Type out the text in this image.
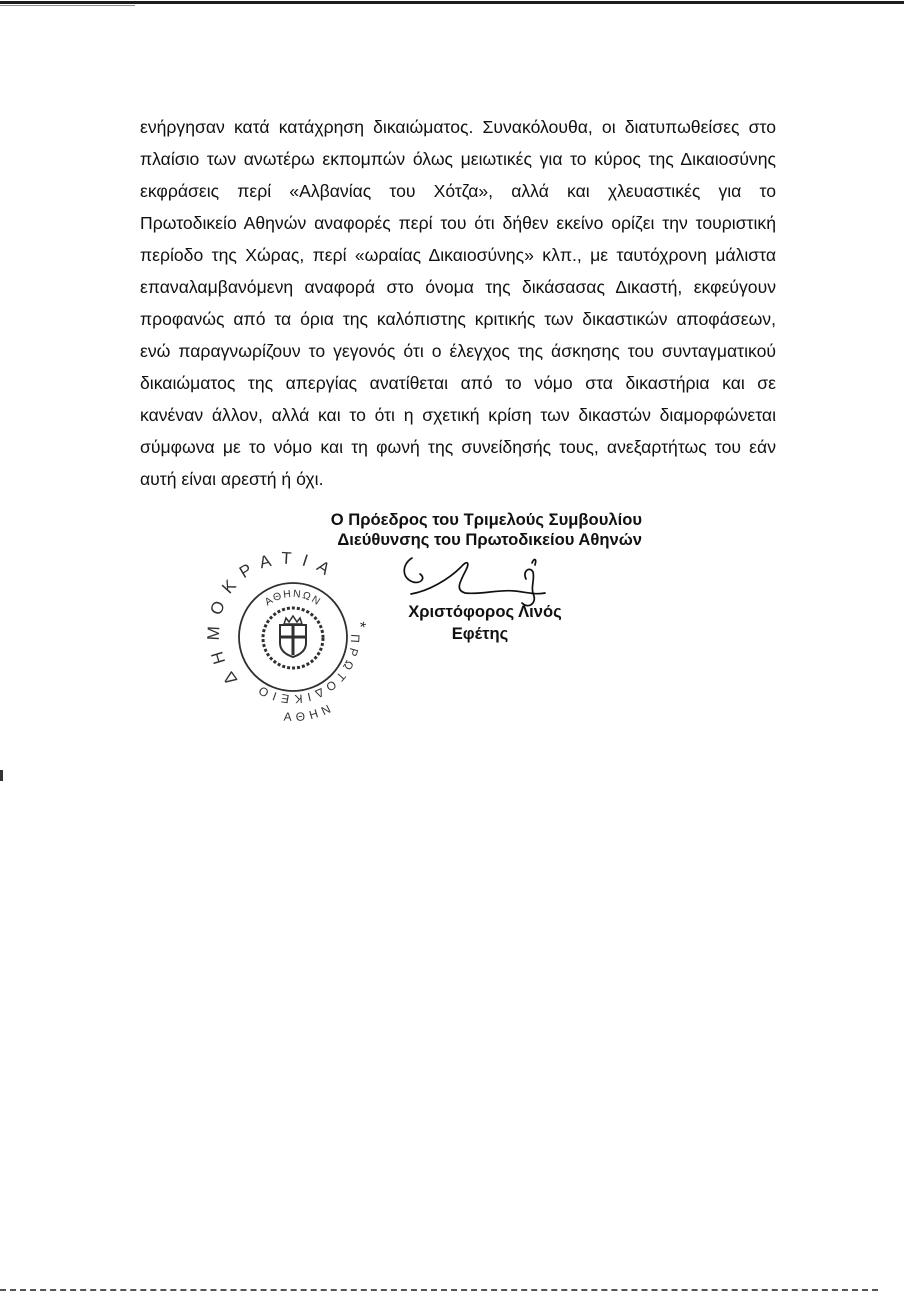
ενήργησαν κατά κατάχρηση δικαιώματος. Συνακόλουθα, οι διατυπωθείσες στο
πλαίσιο των ανωτέρω εκπομπών όλως μειωτικές για το κύρος της Δικαιοσύνης
εκφράσεις περί «Αλβανίας του Χότζα», αλλά και χλευαστικές για το
Πρωτοδικείο Αθηνών αναφορές περί του ότι δήθεν εκείνο ορίζει την τουριστική
περίοδο της Χώρας, περί «ωραίας Δικαιοσύνης» κλπ., με ταυτόχρονη μάλιστα
επαναλαμβανόμενη αναφορά στο όνομα της δικάσασας Δικαστή, εκφεύγουν
προφανώς από τα όρια της καλόπιστης κριτικής των δικαστικών αποφάσεων,
ενώ παραγνωρίζουν το γεγονός ότι ο έλεγχος της άσκησης του συνταγματικού
δικαιώματος της απεργίας ανατίθεται από το νόμο στα δικαστήρια και σε
κανέναν άλλον, αλλά και το ότι η σχετική κρίση των δικαστών διαμορφώνεται
σύμφωνα με το νόμο και τη φωνή της συνείδησής τους, ανεξαρτήτως του εάν
αυτή είναι αρεστή ή όχι.
ΔΗΜΟΚΡΑΤΙΑ
*
ΠΡΩΤΟΔΙΚΕΙΟ
ΑΘΗΝΩΝ
ΑΘΗΝ
Ο Πρόεδρος του Τριμελούς Συμβουλίου
Διεύθυνσης του Πρωτοδικείου Αθηνών
Χριστόφορος Λινός
Εφέτης
